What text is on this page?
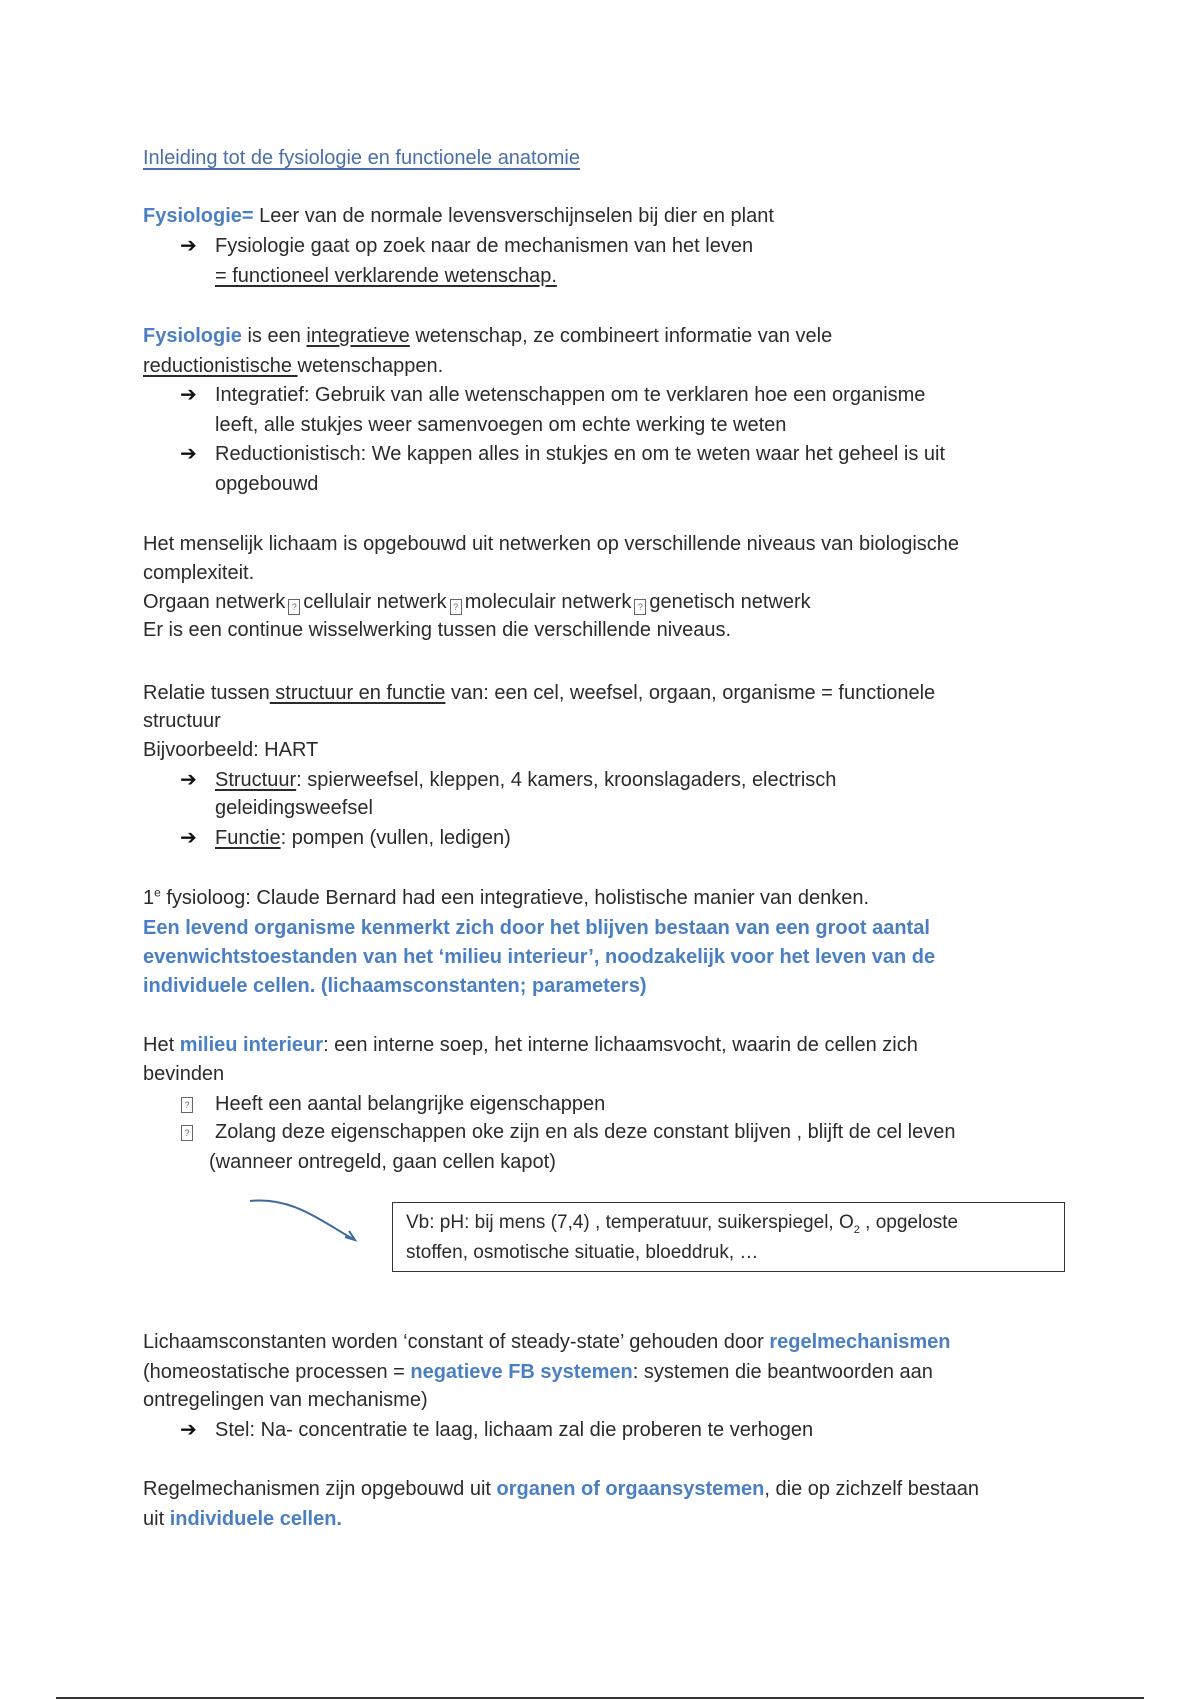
Inleiding tot de fysiologie en functionele anatomie
Fysiologie= Leer van de normale levensverschijnselen bij dier en plant
➔ Fysiologie gaat op zoek naar de mechanismen van het leven
= functioneel verklarende wetenschap.
Fysiologie is een integratieve wetenschap, ze combineert informatie van vele
reductionistische wetenschappen.
➔ Integratief: Gebruik van alle wetenschappen om te verklaren hoe een organisme
leeft, alle stukjes weer samenvoegen om echte werking te weten
➔ Reductionistisch: We kappen alles in stukjes en om te weten waar het geheel is uit
opgebouwd
Het menselijk lichaam is opgebouwd uit netwerken op verschillende niveaus van biologische
complexiteit.
Orgaan netwerk ? cellulair netwerk ? moleculair netwerk ? genetisch netwerk
Er is een continue wisselwerking tussen die verschillende niveaus.
Relatie tussen structuur en functie van: een cel, weefsel, orgaan, organisme = functionele
structuur
Bijvoorbeeld: HART
➔ Structuur: spierweefsel, kleppen, 4 kamers, kroonslagaders, electrisch
geleidingsweefsel
➔ Functie: pompen (vullen, ledigen)
1e fysioloog: Claude Bernard had een integratieve, holistische manier van denken.
Een levend organisme kenmerkt zich door het blijven bestaan van een groot aantal
evenwichtstoestanden van het ‘milieu interieur’, noodzakelijk voor het leven van de
individuele cellen. (lichaamsconstanten; parameters)
Het milieu interieur: een interne soep, het interne lichaamsvocht, waarin de cellen zich
bevinden
? Heeft een aantal belangrijke eigenschappen
? Zolang deze eigenschappen oke zijn en als deze constant blijven , blijft de cel leven
(wanneer ontregeld, gaan cellen kapot)
Vb: pH: bij mens (7,4) , temperatuur, suikerspiegel, $O_2$ , opgeloste
stoffen, osmotische situatie, bloeddruk, …
Lichaamsconstanten worden ‘constant of steady-state’ gehouden door regelmechanismen
(homeostatische processen = negatieve FB systemen: systemen die beantwoorden aan
ontregelingen van mechanisme)
➔ Stel: Na- concentratie te laag, lichaam zal die proberen te verhogen
Regelmechanismen zijn opgebouwd uit organen of orgaansystemen, die op zichzelf bestaan
uit individuele cellen.
